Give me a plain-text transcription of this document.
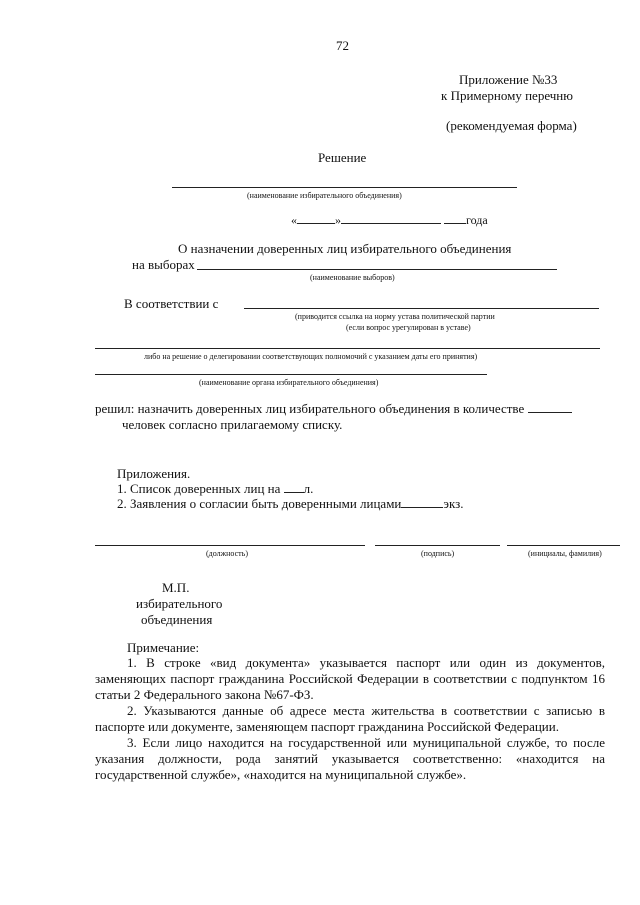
72
Приложение №33
к Примерному перечню
(рекомендуемая форма)
Решение
(наименование избирательного объединения)
«	»	года
О назначении доверенных лиц избирательного объединения
на выборах
(наименование выборов)
В соответствии с
(приводится ссылка на норму устава политической партии
(если вопрос урегулирован в уставе)
либо на решение о делегировании соответствующих полномочий с указанием даты его принятия)
(наименование органа избирательного объединения)
решил: назначить доверенных лиц избирательного объединения в количестве
человек согласно прилагаемому списку.
Приложения.
1. Список доверенных лиц на л.
2. Заявления о согласии быть доверенными лицами	экз.
(должность)	(подпись)	(инициалы, фамилия)
М.П.
избирательного
объединения
Примечание:
1. В строке «вид документа» указывается паспорт или один из документов,
заменяющих паспорт гражданина Российской Федерации в соответствии с подпунктом 16
статьи 2 Федерального закона №67-ФЗ.
2. Указываются данные об адресе места жительства в соответствии с записью в
паспорте или документе, заменяющем паспорт гражданина Российской Федерации.
3. Если лицо находится на государственной или муниципальной службе, то после
указания должности, рода занятий указывается соответственно: «находится на
государственной службе», «находится на муниципальной службе».
